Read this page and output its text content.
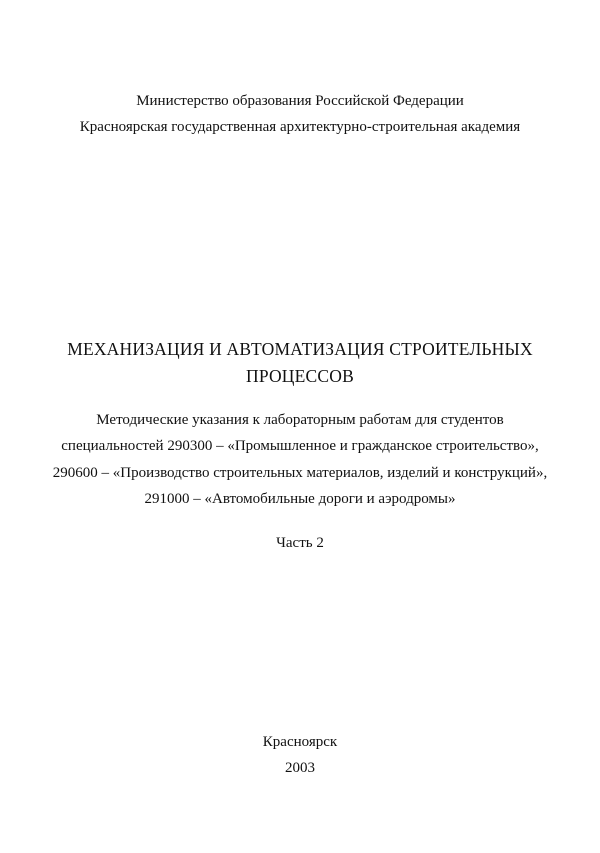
Министерство образования Российской Федерации
Красноярская государственная архитектурно-строительная академия
МЕХАНИЗАЦИЯ И АВТОМАТИЗАЦИЯ СТРОИТЕЛЬНЫХ
ПРОЦЕССОВ
Методические указания к лабораторным работам для студентов
специальностей 290300 – «Промышленное и гражданское строительство»,
290600 – «Производство строительных материалов, изделий и конструкций»,
291000 – «Автомобильные дороги и аэродромы»
Часть 2
Красноярск
2003
